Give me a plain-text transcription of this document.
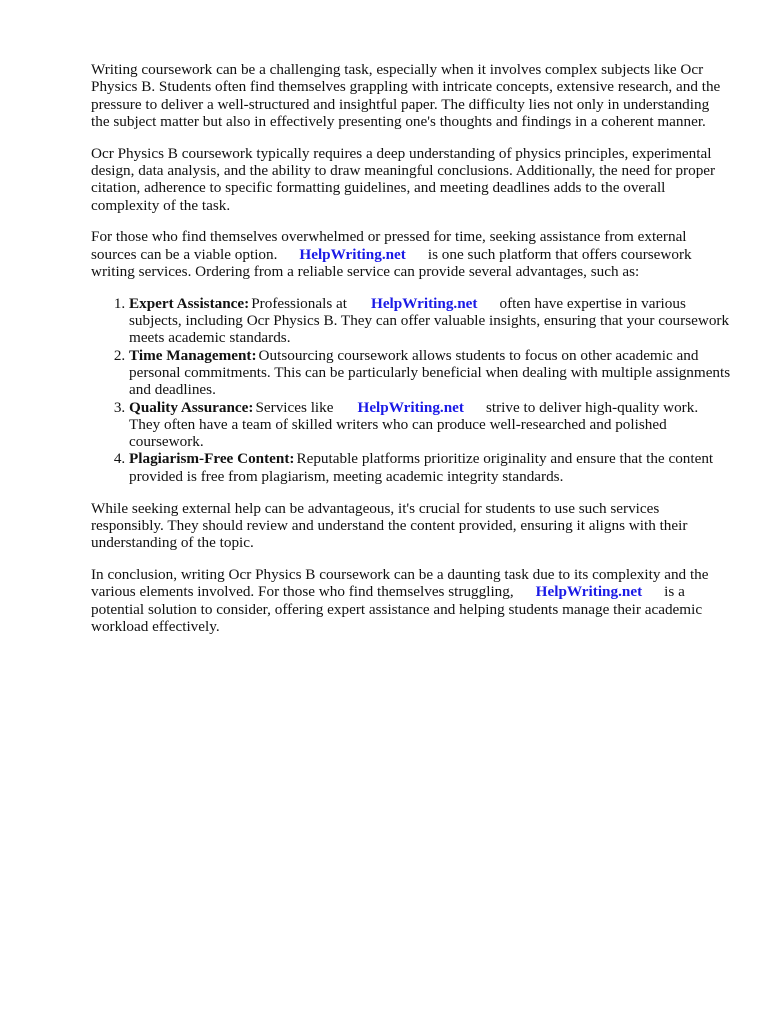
Writing coursework can be a challenging task, especially when it involves complex subjects like Ocr Physics B. Students often find themselves grappling with intricate concepts, extensive research, and the pressure to deliver a well-structured and insightful paper. The difficulty lies not only in understanding the subject matter but also in effectively presenting one's thoughts and findings in a coherent manner.

Ocr Physics B coursework typically requires a deep understanding of physics principles, experimental design, data analysis, and the ability to draw meaningful conclusions. Additionally, the need for proper citation, adherence to specific formatting guidelines, and meeting deadlines adds to the overall complexity of the task.

For those who find themselves overwhelmed or pressed for time, seeking assistance from external sources can be a viable option. HelpWriting.net is one such platform that offers coursework writing services. Ordering from a reliable service can provide several advantages, such as:

1. Expert Assistance: Professionals at HelpWriting.net often have expertise in various subjects, including Ocr Physics B. They can offer valuable insights, ensuring that your coursework meets academic standards.
2. Time Management: Outsourcing coursework allows students to focus on other academic and personal commitments. This can be particularly beneficial when dealing with multiple assignments and deadlines.
3. Quality Assurance: Services like HelpWriting.net strive to deliver high-quality work. They often have a team of skilled writers who can produce well-researched and polished coursework.
4. Plagiarism-Free Content: Reputable platforms prioritize originality and ensure that the content provided is free from plagiarism, meeting academic integrity standards.

While seeking external help can be advantageous, it's crucial for students to use such services responsibly. They should review and understand the content provided, ensuring it aligns with their understanding of the topic.

In conclusion, writing Ocr Physics B coursework can be a daunting task due to its complexity and the various elements involved. For those who find themselves struggling, HelpWriting.net is a potential solution to consider, offering expert assistance and helping students manage their academic workload effectively.
